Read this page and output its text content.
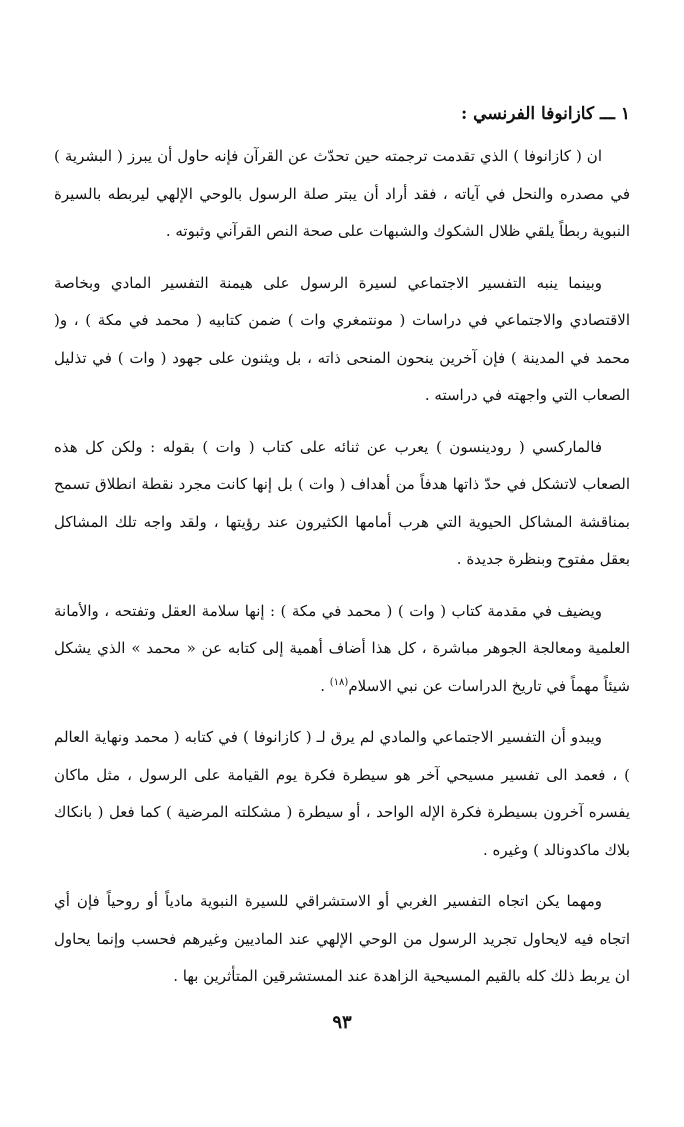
١ ـــ كازانوفا الفرنسي :

ان ( كازانوفا ) الذي تقدمت ترجمته حين تحدّث عن القرآن فإنه حاول أن يبرز ( البشرية ) في مصدره والنحل في آياته ، فقد أراد أن يبتر صلة الرسول بالوحي الإلهي ليربطه بالسيرة النبوية ربطاً يلقي ظلال الشكوك والشبهات على صحة النص القرآني وثبوته .

وبينما ينبه التفسير الاجتماعي لسيرة الرسول على هيمنة التفسير المادي وبخاصة الاقتصادي والاجتماعي في دراسات ( مونتمغري وات ) ضمن كتابيه ( محمد في مكة ) ، و( محمد في المدينة ) فإن آخرين ينحون المنحى ذاته ، بل ويثنون على جهود ( وات ) في تذليل الصعاب التي واجهته في دراسته .

فالماركسي ( رودينسون ) يعرب عن ثنائه على كتاب ( وات ) بقوله : ولكن كل هذه الصعاب لاتشكل في حدّ ذاتها هدفاً من أهداف ( وات ) بل إنها كانت مجرد نقطة انطلاق تسمح بمناقشة المشاكل الحيوية التي هرب أمامها الكثيرون عند رؤيتها ، ولقد واجه تلك المشاكل بعقل مفتوح وبنظرة جديدة .

ويضيف في مقدمة كتاب ( وات ) ( محمد في مكة ) : إنها سلامة العقل وتفتحه ، والأمانة العلمية ومعالجة الجوهر مباشرة ، كل هذا أضاف أهمية إلى كتابه عن « محمد » الذي يشكل شيئاً مهماً في تاريخ الدراسات عن نبي الاسلام$^{(١٨)}$ .

ويبدو أن التفسير الاجتماعي والمادي لم يرق لـ ( كازانوفا ) في كتابه ( محمد ونهاية العالم ) ، فعمد الى تفسير مسيحي آخر هو سيطرة فكرة يوم القيامة على الرسول ، مثل ماكان يفسره آخرون بسيطرة فكرة الإله الواحد ، أو سيطرة ( مشكلته المرضية ) كما فعل ( بانكاك بلاك ماكدونالد ) وغيره .

ومهما يكن اتجاه التفسير الغربي أو الاستشراقي للسيرة النبوية مادياً أو روحياً فإن أي اتجاه فيه لايحاول تجريد الرسول من الوحي الإلهي عند الماديين وغيرهم فحسب وإنما يحاول ان يربط ذلك كله بالقيم المسيحية الزاهدة عند المستشرقين المتأثرين بها .

٩٣
